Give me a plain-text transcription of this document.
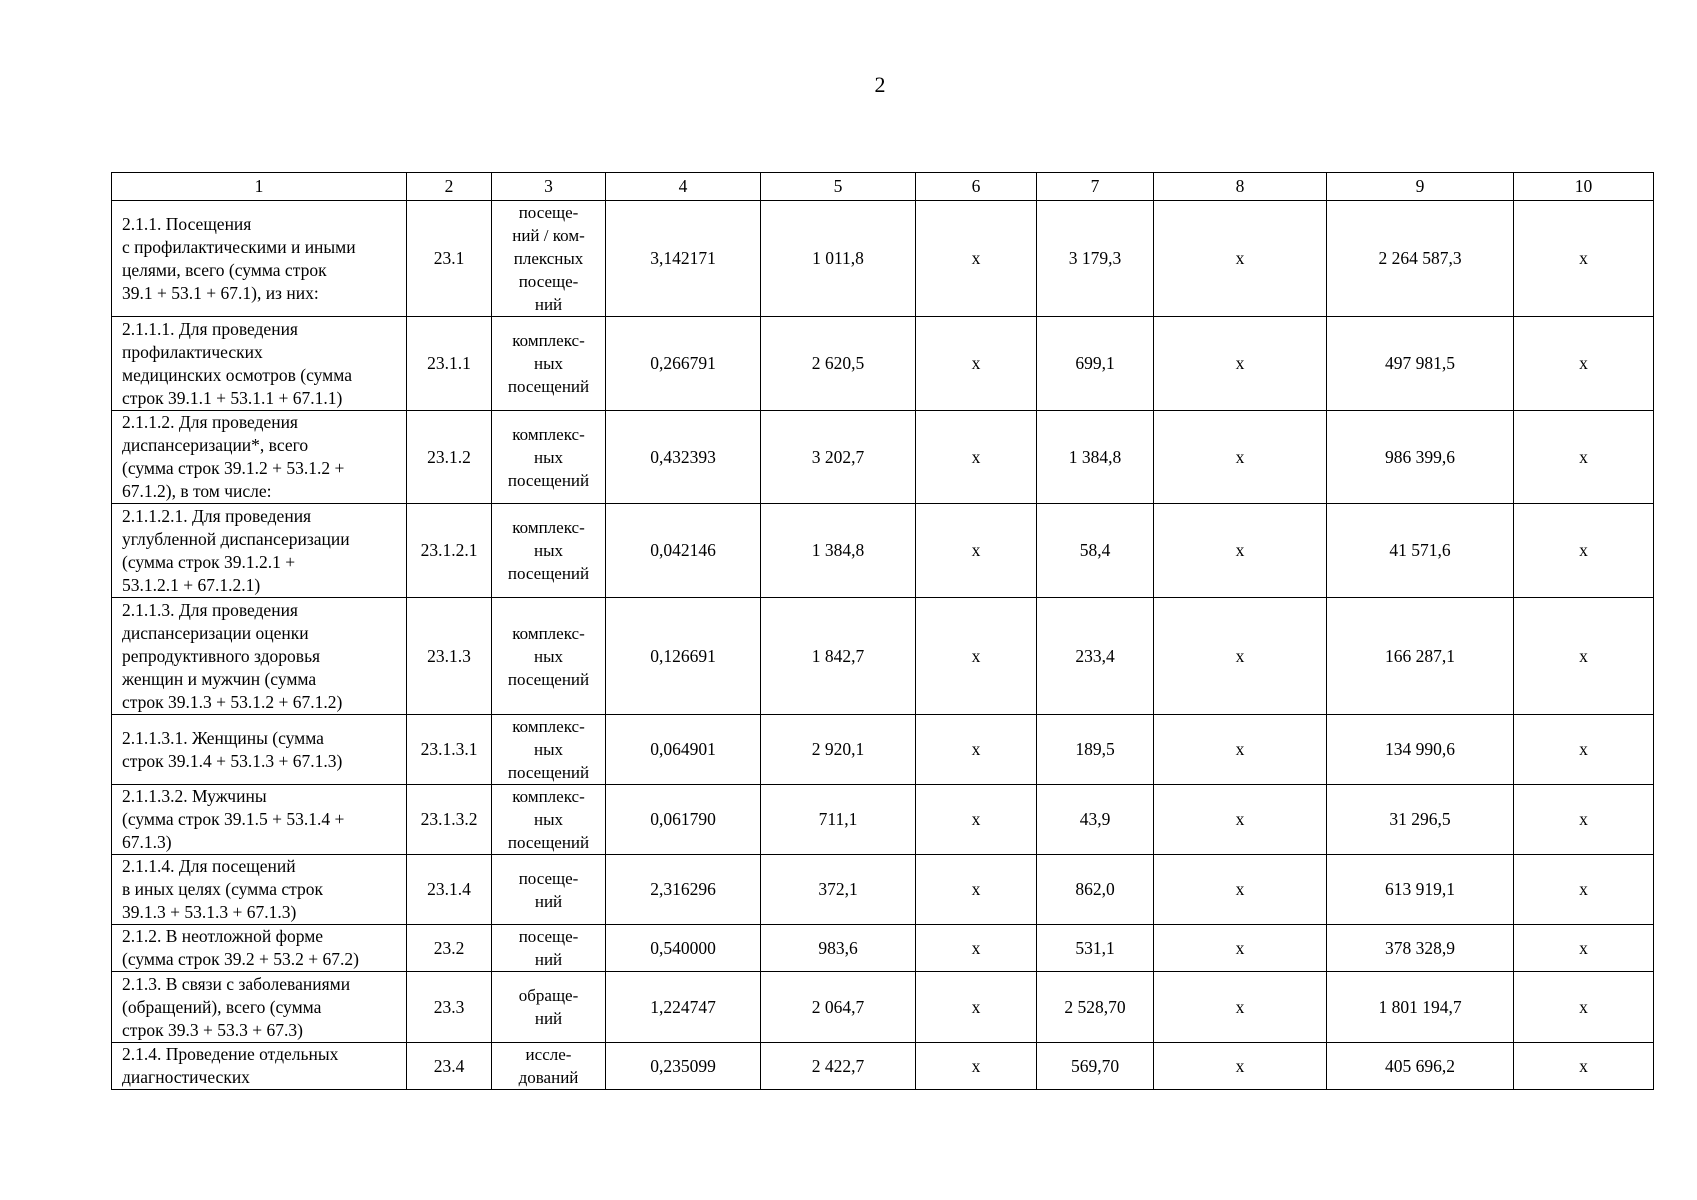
2
1	2	3	4	5	6	7	8	9	10

2.1.1. Посещения
с профилактическими и иными
целями, всего (сумма строк
39.1 + 53.1 + 67.1), из них:	23.1	посеще-
ний / ком-
плексных
посеще-
ний	3,142171	1 011,8	х	3 179,3	х	2 264 587,3	х

2.1.1.1. Для проведения
профилактических
медицинских осмотров (сумма
строк 39.1.1 + 53.1.1 + 67.1.1)	23.1.1	комплекс-
ных
посещений	0,266791	2 620,5	х	699,1	х	497 981,5	х

2.1.1.2. Для проведения
диспансеризации*, всего
(сумма строк 39.1.2 + 53.1.2 +
67.1.2), в том числе:	23.1.2	комплекс-
ных
посещений	0,432393	3 202,7	х	1 384,8	х	986 399,6	х

2.1.1.2.1. Для проведения
углубленной диспансеризации
(сумма строк 39.1.2.1 +
53.1.2.1 + 67.1.2.1)	23.1.2.1	комплекс-
ных
посещений	0,042146	1 384,8	х	58,4	х	41 571,6	х

2.1.1.3. Для проведения
диспансеризации оценки
репродуктивного здоровья
женщин и мужчин (сумма
строк 39.1.3 + 53.1.2 + 67.1.2)	23.1.3	комплекс-
ных
посещений	0,126691	1 842,7	х	233,4	х	166 287,1	х

2.1.1.3.1. Женщины (сумма
строк 39.1.4 + 53.1.3 + 67.1.3)	23.1.3.1	комплекс-
ных
посещений	0,064901	2 920,1	х	189,5	х	134 990,6	х

2.1.1.3.2. Мужчины
(сумма строк 39.1.5 + 53.1.4 +
67.1.3)	23.1.3.2	комплекс-
ных
посещений	0,061790	711,1	х	43,9	х	31 296,5	х

2.1.1.4. Для посещений
в иных целях (сумма строк
39.1.3 + 53.1.3 + 67.1.3)	23.1.4	посеще-
ний	2,316296	372,1	х	862,0	х	613 919,1	х

2.1.2. В неотложной форме
(сумма строк 39.2 + 53.2 + 67.2)	23.2	посеще-
ний	0,540000	983,6	х	531,1	х	378 328,9	х

2.1.3. В связи с заболеваниями
(обращений), всего (сумма
строк 39.3 + 53.3 + 67.3)	23.3	обраще-
ний	1,224747	2 064,7	х	2 528,70	х	1 801 194,7	х

2.1.4. Проведение отдельных
диагностических	23.4	иссле-
дований	0,235099	2 422,7	х	569,70	х	405 696,2	х
